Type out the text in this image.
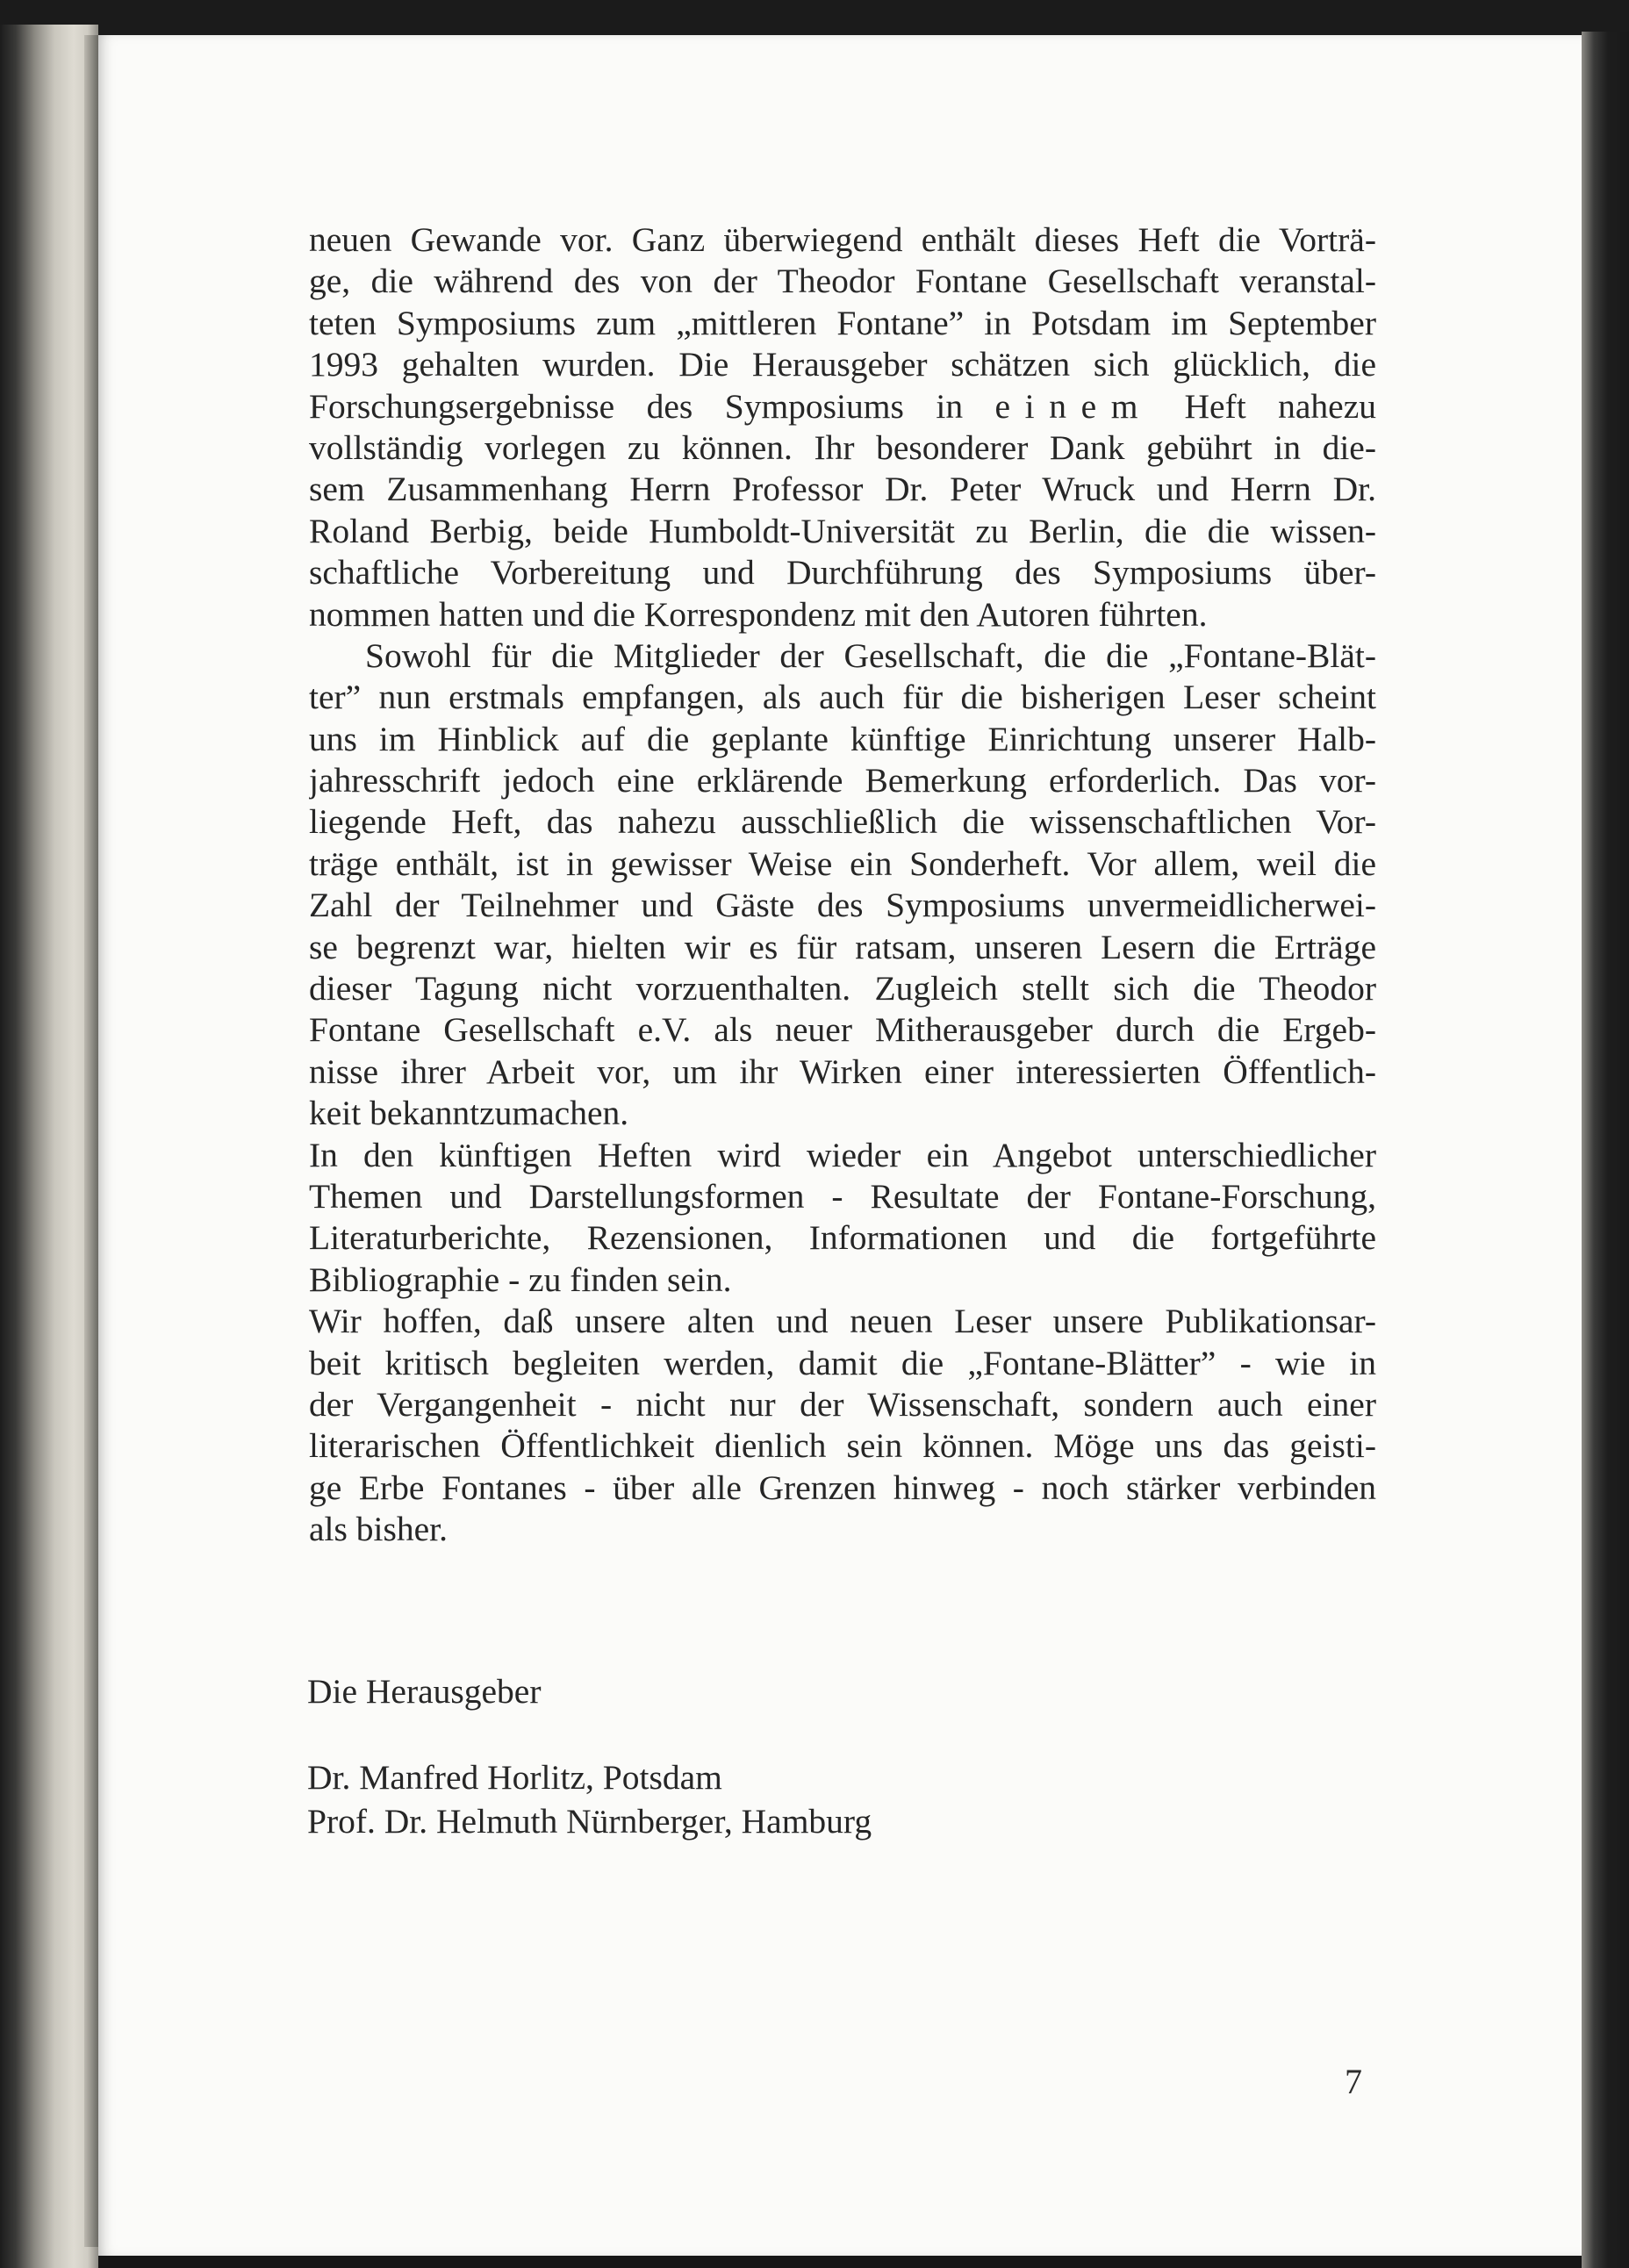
neuen Gewande vor. Ganz überwiegend enthält dieses Heft die Vorträ-
ge, die während des von der Theodor Fontane Gesellschaft veranstal-
teten Symposiums zum „mittleren Fontane” in Potsdam im September
1993 gehalten wurden. Die Herausgeber schätzen sich glücklich, die
Forschungsergebnisse des Symposiums in einem Heft nahezu
vollständig vorlegen zu können. Ihr besonderer Dank gebührt in die-
sem Zusammenhang Herrn Professor Dr. Peter Wruck und Herrn Dr.
Roland Berbig, beide Humboldt-Universität zu Berlin, die die wissen-
schaftliche Vorbereitung und Durchführung des Symposiums über-
nommen hatten und die Korrespondenz mit den Autoren führten.
Sowohl für die Mitglieder der Gesellschaft, die die „Fontane-Blät-
ter” nun erstmals empfangen, als auch für die bisherigen Leser scheint
uns im Hinblick auf die geplante künftige Einrichtung unserer Halb-
jahresschrift jedoch eine erklärende Bemerkung erforderlich. Das vor-
liegende Heft, das nahezu ausschließlich die wissenschaftlichen Vor-
träge enthält, ist in gewisser Weise ein Sonderheft. Vor allem, weil die
Zahl der Teilnehmer und Gäste des Symposiums unvermeidlicherwei-
se begrenzt war, hielten wir es für ratsam, unseren Lesern die Erträge
dieser Tagung nicht vorzuenthalten. Zugleich stellt sich die Theodor
Fontane Gesellschaft e.V. als neuer Mitherausgeber durch die Ergeb-
nisse ihrer Arbeit vor, um ihr Wirken einer interessierten Öffentlich-
keit bekanntzumachen.
In den künftigen Heften wird wieder ein Angebot unterschiedlicher
Themen und Darstellungsformen - Resultate der Fontane-Forschung,
Literaturberichte, Rezensionen, Informationen und die fortgeführte
Bibliographie - zu finden sein.
Wir hoffen, daß unsere alten und neuen Leser unsere Publikationsar-
beit kritisch begleiten werden, damit die „Fontane-Blätter” - wie in
der Vergangenheit - nicht nur der Wissenschaft, sondern auch einer
literarischen Öffentlichkeit dienlich sein können. Möge uns das geisti-
ge Erbe Fontanes - über alle Grenzen hinweg - noch stärker verbinden
als bisher.
Die Herausgeber
Dr. Manfred Horlitz, Potsdam
Prof. Dr. Helmuth Nürnberger, Hamburg
7
